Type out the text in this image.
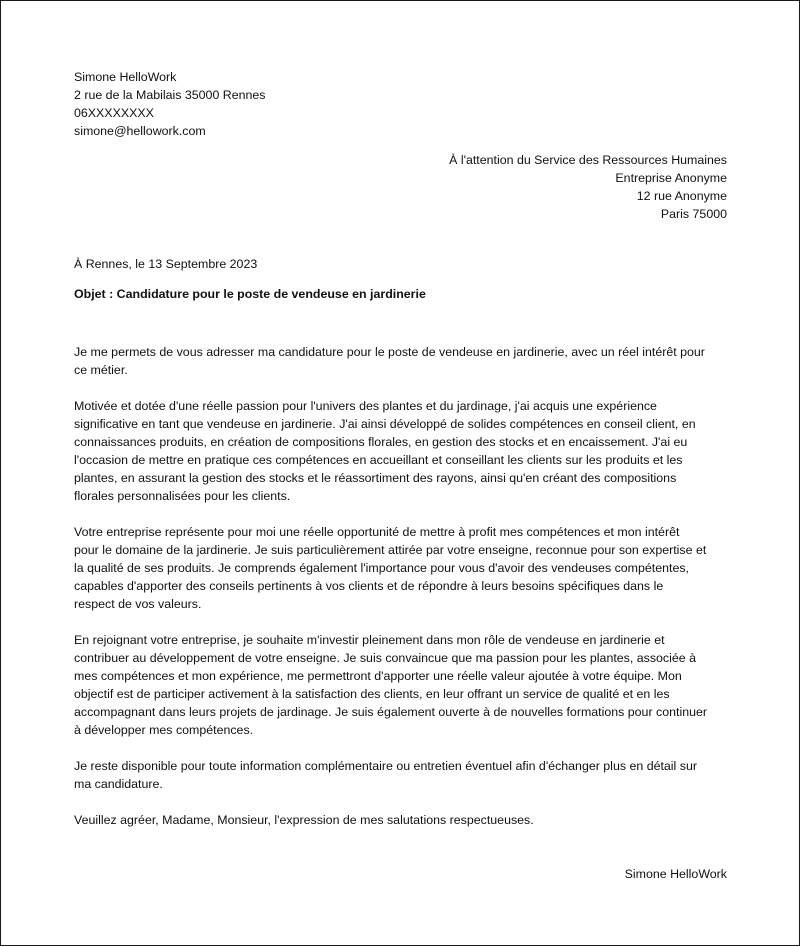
Simone HelloWork
2 rue de la Mabilais 35000 Rennes
06XXXXXXXX
simone@hellowork.com
À l'attention du Service des Ressources Humaines
Entreprise Anonyme
12 rue Anonyme
Paris 75000
À Rennes, le 13 Septembre 2023
Objet : Candidature pour le poste de vendeuse en jardinerie
Je me permets de vous adresser ma candidature pour le poste de vendeuse en jardinerie, avec un réel intérêt pour
ce métier.
Motivée et dotée d'une réelle passion pour l'univers des plantes et du jardinage, j'ai acquis une expérience
significative en tant que vendeuse en jardinerie. J'ai ainsi développé de solides compétences en conseil client, en
connaissances produits, en création de compositions florales, en gestion des stocks et en encaissement. J'ai eu
l'occasion de mettre en pratique ces compétences en accueillant et conseillant les clients sur les produits et les
plantes, en assurant la gestion des stocks et le réassortiment des rayons, ainsi qu'en créant des compositions
florales personnalisées pour les clients.
Votre entreprise représente pour moi une réelle opportunité de mettre à profit mes compétences et mon intérêt
pour le domaine de la jardinerie. Je suis particulièrement attirée par votre enseigne, reconnue pour son expertise et
la qualité de ses produits. Je comprends également l'importance pour vous d'avoir des vendeuses compétentes,
capables d'apporter des conseils pertinents à vos clients et de répondre à leurs besoins spécifiques dans le
respect de vos valeurs.
En rejoignant votre entreprise, je souhaite m'investir pleinement dans mon rôle de vendeuse en jardinerie et
contribuer au développement de votre enseigne. Je suis convaincue que ma passion pour les plantes, associée à
mes compétences et mon expérience, me permettront d'apporter une réelle valeur ajoutée à votre équipe. Mon
objectif est de participer activement à la satisfaction des clients, en leur offrant un service de qualité et en les
accompagnant dans leurs projets de jardinage. Je suis également ouverte à de nouvelles formations pour continuer
à développer mes compétences.
Je reste disponible pour toute information complémentaire ou entretien éventuel afin d'échanger plus en détail sur
ma candidature.
Veuillez agréer, Madame, Monsieur, l'expression de mes salutations respectueuses.
Simone HelloWork
